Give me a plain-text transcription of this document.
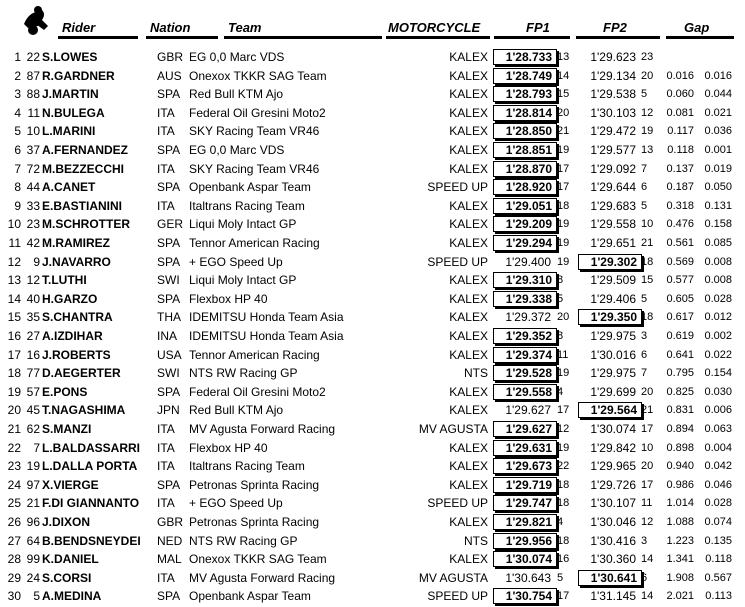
Rider	Nation	Team	MOTORCYCLE	FP1	FP2	Gap
1 22 S.LOWES	GBR EG 0,0 Marc VDS	KALEX	1'28.733 13	1'29.623 23
2 87 R.GARDNER	AUS Onexox TKKR SAG Team	KALEX	1'28.749 14	1'29.134 20	0.016 0.016
3 88 J.MARTIN	SPA Red Bull KTM Ajo	KALEX	1'28.793 15	1'29.538 5	0.060 0.044
4 11 N.BULEGA	ITA Federal Oil Gresini Moto2	KALEX	1'28.814 20	1'30.103 12	0.081 0.021
5 10 L.MARINI	ITA SKY Racing Team VR46	KALEX	1'28.850 21	1'29.472 19	0.117 0.036
6 37 A.FERNANDEZ SPA EG 0,0 Marc VDS	KALEX	1'28.851 19	1'29.577 13	0.118 0.001
7 72 M.BEZZECCHI	ITA SKY Racing Team VR46	KALEX	1'28.870 17	1'29.092 7	0.137 0.019
8 44 A.CANET	SPA Openbank Aspar Team	SPEED UP	1'28.920 17	1'29.644 6	0.187 0.050
9 33 E.BASTIANINI	ITA Italtrans Racing Team	KALEX	1'29.051 18	1'29.683 5	0.318 0.131
10 23 M.SCHROTTER GER Liqui Moly Intact GP	KALEX	1'29.209 19	1'29.558 10	0.476 0.158
11 42 M.RAMIREZ	SPA Tennor American Racing	KALEX	1'29.294 19	1'29.651 21	0.561 0.085
12	9 J.NAVARRO	SPA + EGO Speed Up	SPEED UP	1'29.400 19	1'29.302 18	0.569 0.008
13 12 T.LUTHI	SWI Liqui Moly Intact GP	KALEX	1'29.310 8	1'29.509 15	0.577 0.008
14 40 H.GARZO	SPA Flexbox HP 40	KALEX	1'29.338 5	1'29.406 5	0.605 0.028
15 35 S.CHANTRA	THA IDEMITSU Honda Team Asia	KALEX	1'29.372 20	1'29.350 18	0.617 0.012
16 27 A.IZDIHAR	INA IDEMITSU Honda Team Asia	KALEX	1'29.352 8	1'29.975 3	0.619 0.002
17 16 J.ROBERTS	USA Tennor American Racing	KALEX	1'29.374 11	1'30.016 6	0.641 0.022
18 77 D.AEGERTER	SWI NTS RW Racing GP	NTS	1'29.528 19	1'29.975 7	0.795 0.154
19 57 E.PONS	SPA Federal Oil Gresini Moto2	KALEX	1'29.558 4	1'29.699 20	0.825 0.030
20 45 T.NAGASHIMA	JPN Red Bull KTM Ajo	KALEX	1'29.627 17	1'29.564 21	0.831 0.006
21 62 S.MANZI	ITA MV Agusta Forward Racing	MV AGUSTA	1'29.627 12	1'30.074 17	0.894 0.063
22	7 L.BALDASSARRI ITA Flexbox HP 40	KALEX	1'29.631 19	1'29.842 10	0.898 0.004
23 19 L.DALLA PORTA ITA Italtrans Racing Team	KALEX	1'29.673 22	1'29.965 20	0.940 0.042
24 97 X.VIERGE	SPA Petronas Sprinta Racing	KALEX	1'29.719 18	1'29.726 17	0.986 0.046
25 21 F.DI GIANNANTO ITA + EGO Speed Up	SPEED UP	1'29.747 18	1'30.107 11	1.014 0.028
26 96 J.DIXON	GBR Petronas Sprinta Racing	KALEX	1'29.821 4	1'30.046 12	1.088 0.074
27 64 B.BENDSNEYDEI NED NTS RW Racing GP	NTS	1'29.956 18	1'30.416 3	1.223 0.135
28 99 K.DANIEL	MAL Onexox TKKR SAG Team	KALEX	1'30.074 16	1'30.360 14	1.341	0.118
29 24 S.CORSI	ITA MV Agusta Forward Racing	MV AGUSTA	1'30.643 5	1'30.641 6	1.908 0.567
30	5 A.MEDINA	SPA Openbank Aspar Team	SPEED UP	1'30.754 17	1'31.145 14	2.021	0.113
